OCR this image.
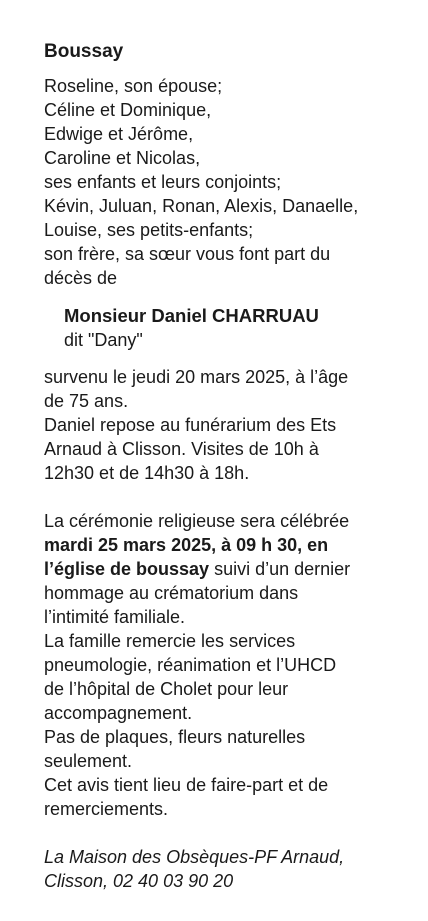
Boussay
Roseline, son épouse;
Céline et Dominique,
Edwige et Jérôme,
Caroline et Nicolas,
ses enfants et leurs conjoints;
Kévin, Juluan, Ronan, Alexis, Danaelle,
Louise, ses petits-enfants;
son frère, sa sœur vous font part du
décès de
Monsieur Daniel CHARRUAU
dit "Dany"
survenu le jeudi 20 mars 2025, à l’âge
de 75 ans.
Daniel repose au funérarium des Ets
Arnaud à Clisson. Visites de 10h à
12h30 et de 14h30 à 18h.
La cérémonie religieuse sera célébrée
mardi 25 mars 2025, à 09 h 30, en
l’église de boussay suivi d’un dernier
hommage au crématorium dans
l’intimité familiale.
La famille remercie les services
pneumologie, réanimation et l’UHCD
de l’hôpital de Cholet pour leur
accompagnement.
Pas de plaques, fleurs naturelles
seulement.
Cet avis tient lieu de faire-part et de
remerciements.
La Maison des Obsèques-PF Arnaud,
Clisson, 02 40 03 90 20
